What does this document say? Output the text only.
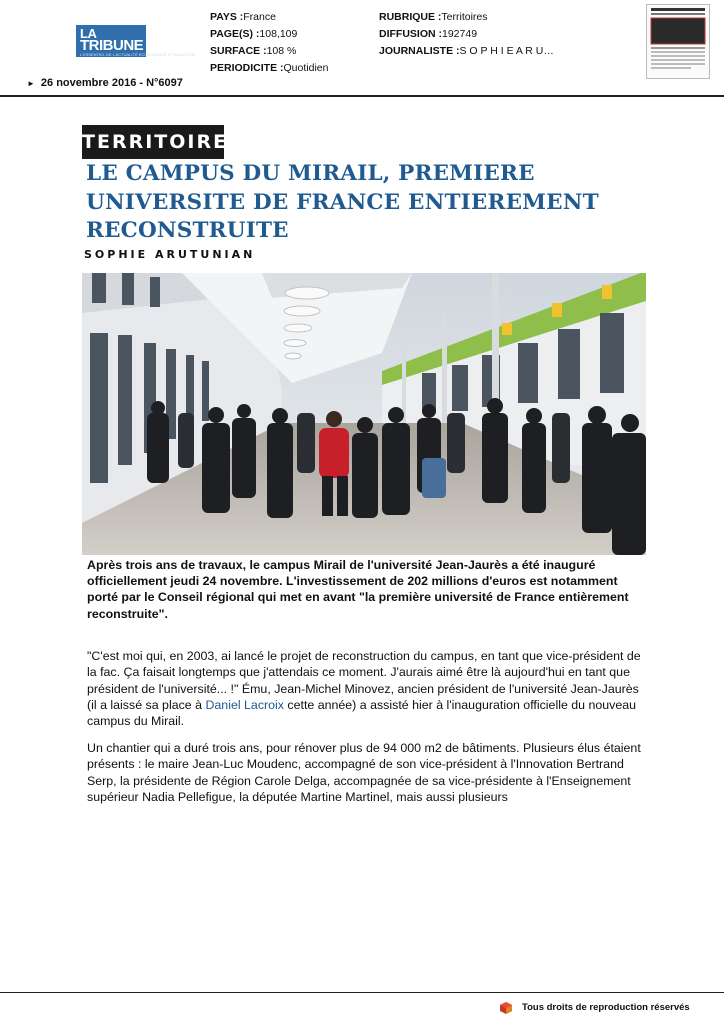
LA
TRIBUNE
L'ESSENTIEL DE L'ACTUALITÉ ÉCONOMIQUE & FINANCIÈRE
PAYS :France
PAGE(S) :108,109
SURFACE :108 %
PERIODICITE :Quotidien
RUBRIQUE :Territoires
DIFFUSION :192749
JOURNALISTE :S O P H I E A R U…
► 26 novembre 2016 - N°6097
TERRITOIRES
LE CAMPUS DU MIRAIL, PREMIERE UNIVERSITE DE FRANCE ENTIEREMENT RECONSTRUITE
SOPHIE ARUTUNIAN
Après trois ans de travaux, le campus Mirail de l'université Jean-Jaurès a été inauguré officiellement jeudi 24 novembre. L'investissement de 202 millions d'euros est notamment porté par le Conseil régional qui met en avant "la première université de France entièrement reconstruite".
"C'est moi qui, en 2003, ai lancé le projet de reconstruction du campus, en tant que vice-président de la fac. Ça faisait longtemps que j'attendais ce moment. J'aurais aimé être là aujourd'hui en tant que président de l'université... !" Ému, Jean-Michel Minovez, ancien président de l'université Jean-Jaurès (il a laissé sa place à Daniel Lacroix cette année) a assisté hier à l'inauguration officielle du nouveau campus du Mirail.
Un chantier qui a duré trois ans, pour rénover plus de 94 000 m2 de bâtiments. Plusieurs élus étaient présents : le maire Jean-Luc Moudenc, accompagné de son vice-président à l'Innovation Bertrand Serp, la présidente de Région Carole Delga, accompagnée de sa vice-présidente à l'Enseignement supérieur Nadia Pellefigue, la députée Martine Martinel, mais aussi plusieurs
Tous droits de reproduction réservés
